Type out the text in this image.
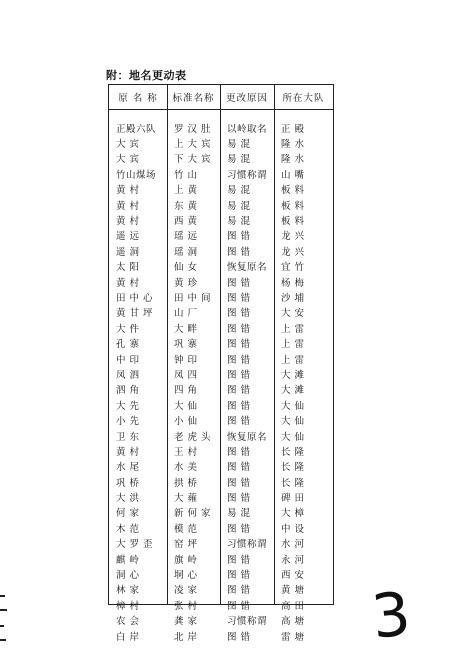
附：地名更动表
原 名 称	标准名称	更改原因	所在大队
正殿六队	罗 汉 肚	以岭取名	正 殿
大 宾	上 大 宾	易 混	隆 水
大 宾	下 大 宾	易 混	隆 水
竹山煤场	竹 山	习惯称谓	山 嘴
黄 村	上 黄	易 混	板 料
黄 村	东 黄	易 混	板 料
黄 村	西 黄	易 混	板 料
遥 远	瑶 远	图 错	龙 兴
遥 洞	瑶 洞	图 错	龙 兴
太 阳	仙 女	恢复原名	宜 竹
黄 村	黄 珍	图 错	杨 梅
田 中 心	田 中 间	图 错	沙 埔
黄 甘 坪	山 厂	图 错	大 安
大 件	大 畔	图 错	上 雷
孔 寨	巩 寨	图 错	上 雷
中 印	钟 印	图 错	上 雷
凤 泗	凤 四	图 错	大 滩
泗 角	四 角	图 错	大 滩
大 先	大 仙	图 错	大 仙
小 先	小 仙	图 错	大 仙
卫 东	老 虎 头	恢复原名	大 仙
黄 村	王 村	图 错	长 隆
水 尾	水 美	图 错	长 隆
巩 桥	拱 桥	图 错	长 隆
大 洪	大 蕹	图 错	碑 田
何 家	新 何 家	易 混	大 樟
木 范	模 范	图 错	中 设
大 罗 歪	窑 坪	习惯称谓	水 河
麒 岭	旗 岭	图 错	永 河
洞 心	垌 心	图 错	西 安
林 家	凌 家	图 错	黄 塘
樟 村	张 村	图 错	高 田
农 会	龚 家	习惯称谓	高 塘
白 岸	北 岸	图 错	雷 塘	3
